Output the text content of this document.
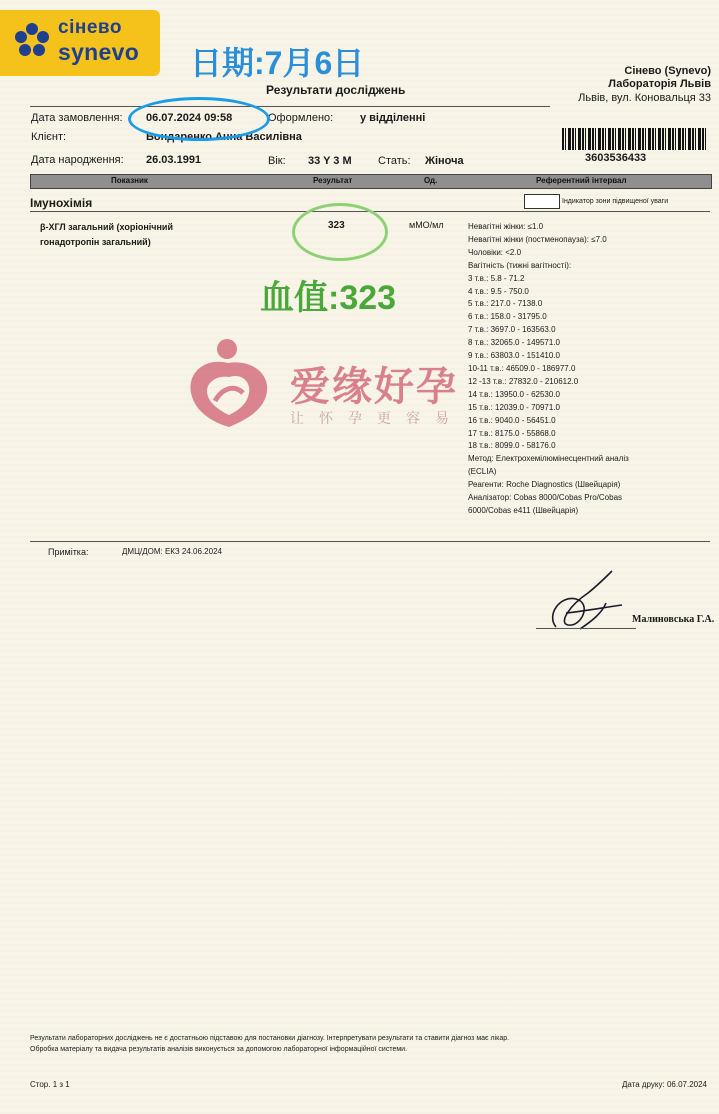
сінево
synevo 日期:7月6日
Результати досліджень
Сінево (Synevo)
Лабораторія Львів
Львів, вул. Коновальця 33
Дата замовлення: 06.07.2024 09:58	Оформлено: у відділенні
Клієнт:	Бондаренко Анна Василівна
Дата народження: 26.03.1991	Вік: 33 Y 3 M Стать: Жіноча	3603536433
Показник	Результат	Од.	Референтний інтервал
Імунохімія	Індикатор зони підвищеної уваги
β-ХГЛ загальний (хоріонічний
гонадотропін загальний)
323	мМО/мл	Невагітні жінки: ≤1.0
Невагітні жінки (постменопауза): ≤7.0
Чоловіки: <2.0
Вагітність (тижні вагітності):
3 т.в.: 5.8 - 71.2
4 т.в.: 9.5 - 750.0
5 т.в.: 217.0 - 7138.0
6 т.в.: 158.0 - 31795.0
7 т.в.: 3697.0 - 163563.0
8 т.в.: 32065.0 - 149571.0
9 т.в.: 63803.0 - 151410.0
10-11 т.в.: 46509.0 - 186977.0
12 -13 т.в.: 27832.0 - 210612.0
14 т.в.: 13950.0 - 62530.0
15 т.в.: 12039.0 - 70971.0
16 т.в.: 9040.0 - 56451.0
17 т.в.: 8175.0 - 55868.0
18 т.в.: 8099.0 - 58176.0
Метод: Електрохемілюмінесцентний аналіз
(ECLIA)
Реагенти: Roche Diagnostics (Швейцарія)
Аналізатор: Cobas 8000/Cobas Pro/Cobas
6000/Cobas e411 (Швейцарія)
血值:323
爱缘好孕
让怀孕更容易
Примітка:	ДМЦ/ДОМ: ЕКЗ 24.06.2024
Малиновська Г.А.
Результати лабораторних досліджень не є достатньою підставою для постановки діагнозу. Інтерпретувати результати та ставити діагноз має лікар.
Обробка матеріалу та видача результатів аналізів виконується за допомогою лабораторної інформаційної системи.
Стор. 1 з 1	Дата друку: 06.07.2024
